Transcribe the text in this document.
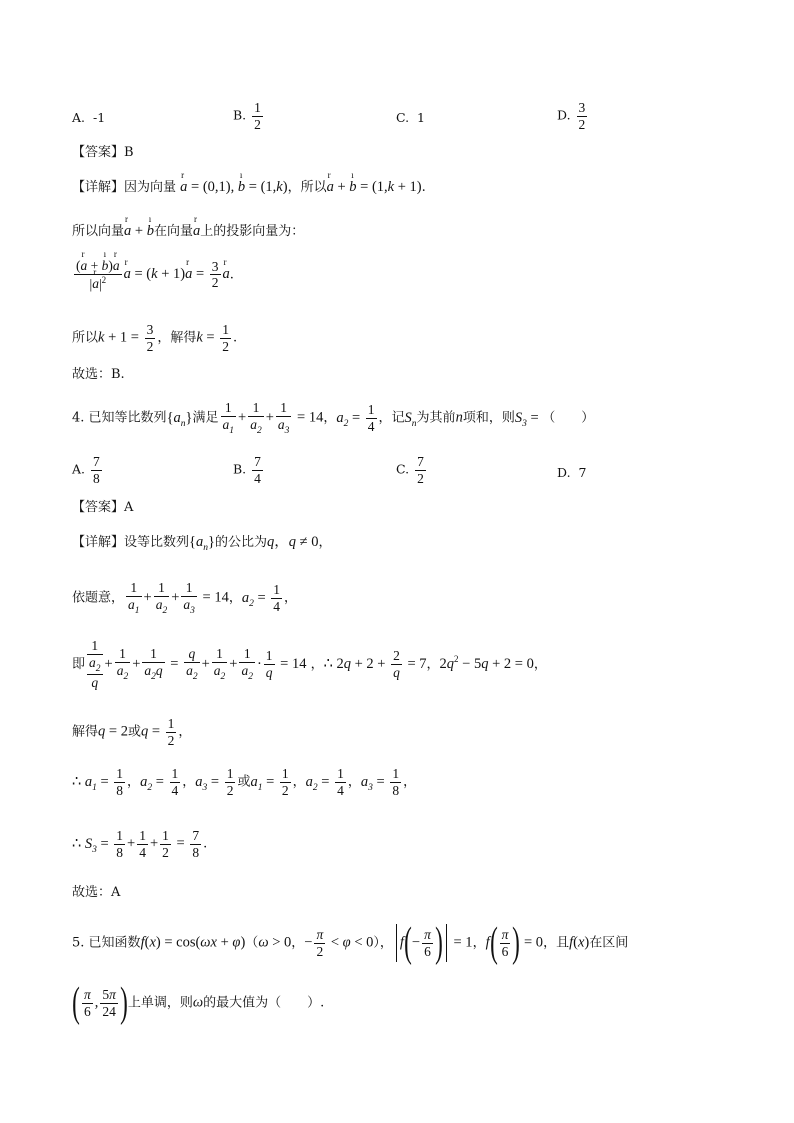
A. -1	B. $\frac{1}{2}$	C. 1	D. $\frac{3}{2}$
【答案】B
【详解】因为向量 r a = (0,1), ı b = (1,k)，所以r a + ı b = (1,k + 1).
所以向量r a + ı b在向量r a上的投影向量为：
$\frac{\text{(r a + ı b)r a}}{|r a|^2}$ r a = (k + 1)r $a = \frac{3}{2}$ r a.
所以$k + 1 = \frac{3}{2}$ ，解得$k = \frac{1}{2}$ .
故选：B.
4. 已知等比数列$\{a_n\}$满足 $\frac{1}{a_1} + \frac{1}{a_2} + \frac{1}{a_3} = 14$，$a_2 = \frac{1}{4}$ ，记$S_n$为其前n项和，则$S_3$ = （　　）
A. $\frac{7}{8}$	B. $\frac{7}{4}$	C. $\frac{7}{2}$	D. 7
【答案】A
【详解】设等比数列$\{a_n\}$的公比为q，q ≠ 0，
依题意， $\frac{1}{a_1} + \frac{1}{a_2} + \frac{1}{a_3} = 14$，$a_2 = \frac{1}{4}$ ，
即
1
$a_2$
q
+ $\frac{1}{a_2} + \frac{1}{a_2q} = \frac{q}{a_2} + \frac{1}{a_2} + \frac{1}{a_2} \cdot \frac{1}{q} = 14$ ，∴ $2q + 2 + \frac{2}{q} = 7$，$2q^2 - 5q + 2 = 0$，
解得q = 2或$q = \frac{1}{2}$ ，
∴ $a_1 = \frac{1}{8}$ ，$a_2 = \frac{1}{4}$ ，$a_3 = \frac{1}{2}$ 或$a_1 = \frac{1}{2}$ ，$a_2 = \frac{1}{4}$ ，$a_3 = \frac{1}{8}$ ，
∴ $S_3 = \frac{1}{8} + \frac{1}{4} + \frac{1}{2} = \frac{7}{8}$ .
故选：A
5. 已知函数f(x) = cos(ωx + φ)（ω > 0，− $\frac{\pi}{2} < \varphi < 0$）， $f(- \frac{\pi}{6}$ ) = 1，$f( \frac{\pi}{6}$ ) = 0，且f(x)在区间
( $\frac{\pi}{6}$ , $\frac{5\pi}{24}$ )上单调，则ω的最大值为（　　）.
